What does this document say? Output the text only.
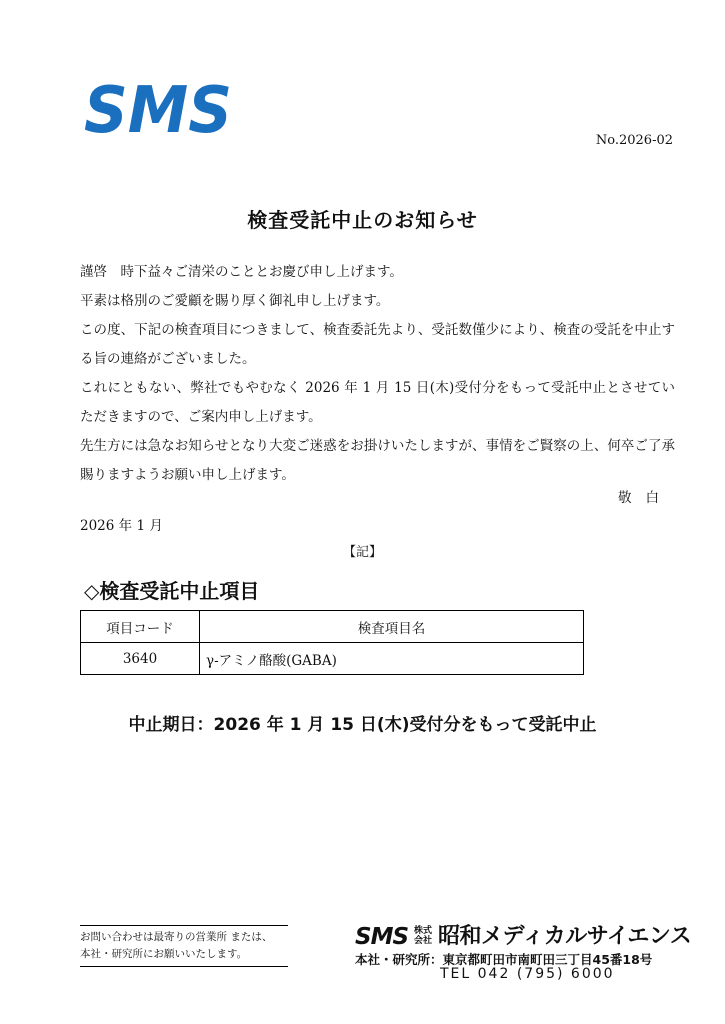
SMS	No.2026-02
検査受託中止のお知らせ
謹啓　時下益々ご清栄のこととお慶び申し上げます。
平素は格別のご愛顧を賜り厚く御礼申し上げます。
この度、下記の検査項目につきまして、検査委託先より、受託数僅少により、検査の受託を中止する旨の連絡がございました。
これにともない、弊社でもやむなく 2026 年 1 月 15 日(木)受付分をもって受託中止とさせていただきますので、ご案内申し上げます。
先生方には急なお知らせとなり大変ご迷惑をお掛けいたしますが、事情をご賢察の上、何卒ご了承賜りますようお願い申し上げます。
敬白
2026 年 1 月
【記】
◇検査受託中止項目
項目コード	検査項目名
3640	γ-アミノ酪酸(GABA)
中止期日：2026 年 1 月 15 日(木)受付分をもって受託中止
お問い合わせは最寄りの営業所 または、
本社・研究所にお願いいたします。
SMS 株式会社 昭和メディカルサイエンス
本社・研究所：東京都町田市南町田三丁目45番18号
TEL 042 (795) 6000
